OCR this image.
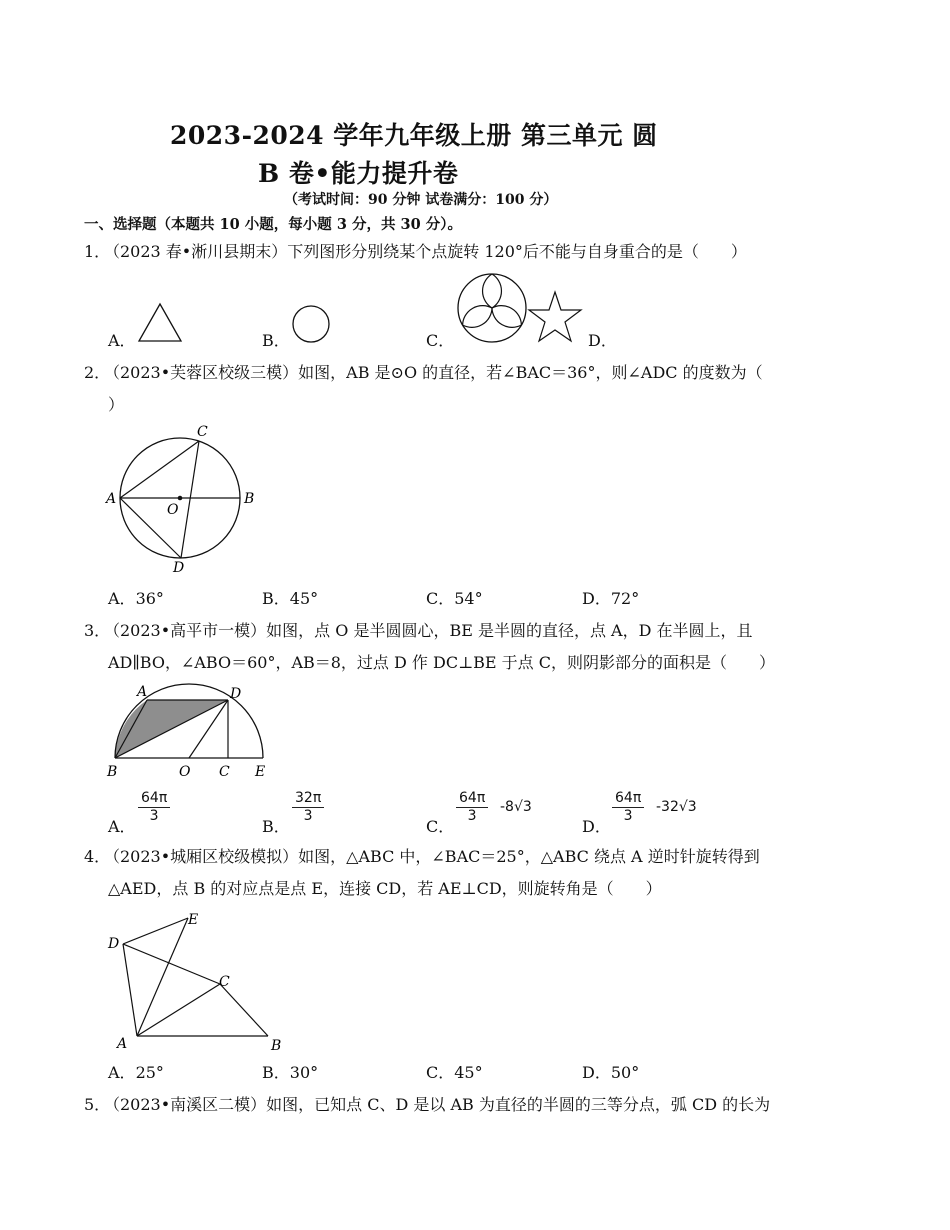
2023-2024 学年九年级上册 第三单元 圆
B 卷•能力提升卷
（考试时间：90 分钟 试卷满分：100 分）
一、选择题（本题共 10 小题，每小题 3 分，共 30 分）。
1．
（2023 春•淅川县期末）下列图形分别绕某个点旋转 120°后不能与自身重合的是（　　）
A．	B．	C．	D．
2．
（2023•芙蓉区校级三模）如图，AB 是⊙O 的直径，若∠BAC＝36°，则∠ADC 的度数为（
）
C
A	B
O
D
A．36°	B．45°	C．54°	D．72°
3．
（2023•高平市一模）如图，点 O 是半圆圆心，BE 是半圆的直径，点 A，D 在半圆上，且
AD∥BO，∠ABO＝60°，AB＝8，过点 D 作 DC⊥BE 于点 C，则阴影部分的面积是（　　）
A	D
B	O C E
A．
$\frac{64\pi}{3}$
B．
$\frac{32\pi}{3}$
C．
$\frac{64\pi}{3} -8√3$
D．
$\frac{64\pi}{3} -32√3$
4．
（2023•城厢区校级模拟）如图，△ABC 中，∠BAC＝25°，△ABC 绕点 A 逆时针旋转得到
△AED，点 B 的对应点是点 E，连接 CD，若 AE⊥CD，则旋转角是（　　）
E
D
C
A	B
A．25°	B．30°	C．45°	D．50°
5．
（2023•南溪区二模）如图，已知点 C、D 是以 AB 为直径的半圆的三等分点，弧 CD 的长为
